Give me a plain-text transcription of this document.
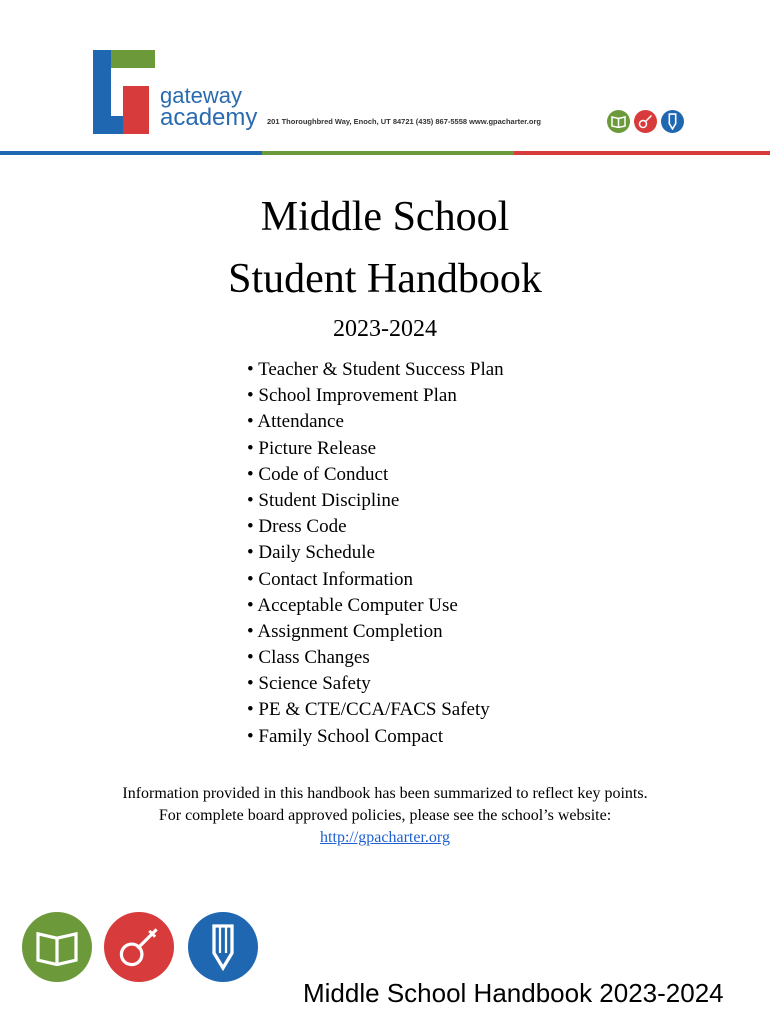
gateway
academy 201 Thoroughbred Way, Enoch, UT 84721 (435) 867-5558 www.gpacharter.org
Middle School
Student Handbook
2023-2024
• Teacher & Student Success Plan
• School Improvement Plan
• Attendance
• Picture Release
• Code of Conduct
• Student Discipline
• Dress Code
• Daily Schedule
• Contact Information
• Acceptable Computer Use
• Assignment Completion
• Class Changes
• Science Safety
• PE & CTE/CCA/FACS Safety
• Family School Compact
Information provided in this handbook has been summarized to reflect key points.
For complete board approved policies, please see the school’s website:
http://gpacharter.org
Middle School Handbook 2023-2024
